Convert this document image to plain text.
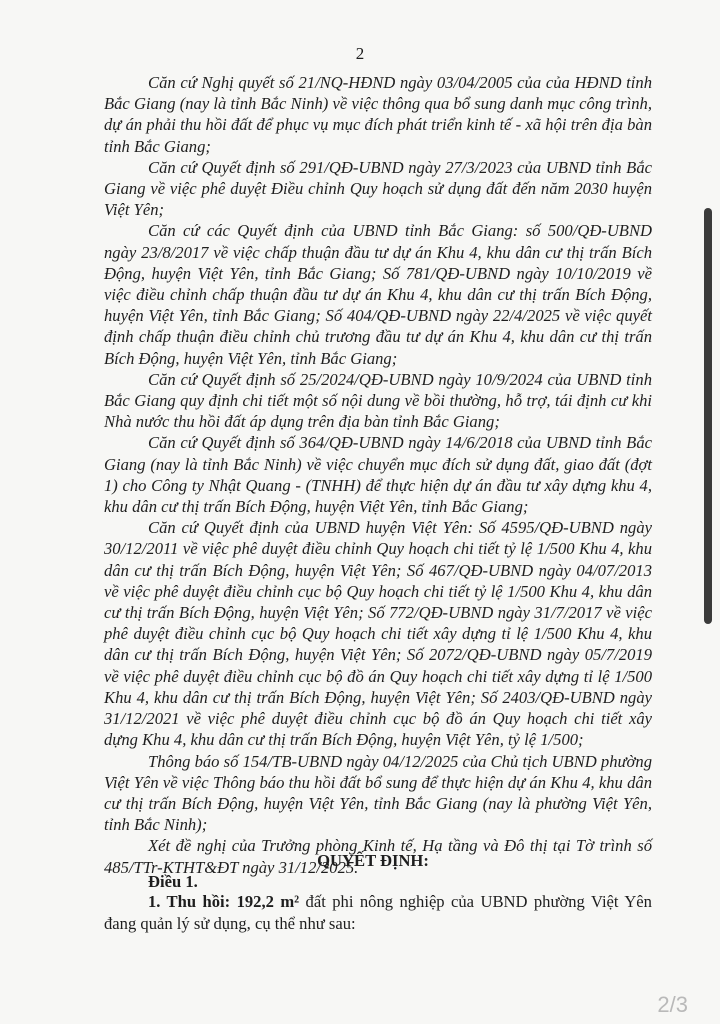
2

Căn cứ Nghị quyết số 21/NQ-HĐND ngày 03/04/2005 của của HĐND tỉnh Bắc Giang (nay là tỉnh Bắc Ninh) về việc thông qua bổ sung danh mục công trình, dự án phải thu hồi đất để phục vụ mục đích phát triển kinh tế - xã hội trên địa bàn tỉnh Bắc Giang;

Căn cứ Quyết định số 291/QĐ-UBND ngày 27/3/2023 của UBND tỉnh Bắc Giang về việc phê duyệt Điều chỉnh Quy hoạch sử dụng đất đến năm 2030 huyện Việt Yên;

Căn cứ các Quyết định của UBND tỉnh Bắc Giang: số 500/QĐ-UBND ngày 23/8/2017 về việc chấp thuận đầu tư dự án Khu 4, khu dân cư thị trấn Bích Động, huyện Việt Yên, tỉnh Bắc Giang; Số 781/QĐ-UBND ngày 10/10/2019 về việc điều chỉnh chấp thuận đầu tư dự án Khu 4, khu dân cư thị trấn Bích Động, huyện Việt Yên, tỉnh Bắc Giang; Số 404/QĐ-UBND ngày 22/4/2025 về việc quyết định chấp thuận điều chỉnh chủ trương đầu tư dự án Khu 4, khu dân cư thị trấn Bích Động, huyện Việt Yên, tỉnh Bắc Giang;

Căn cứ Quyết định số 25/2024/QĐ-UBND ngày 10/9/2024 của UBND tỉnh Bắc Giang quy định chi tiết một số nội dung về bồi thường, hỗ trợ, tái định cư khi Nhà nước thu hồi đất áp dụng trên địa bàn tỉnh Bắc Giang;

Căn cứ Quyết định số 364/QĐ-UBND ngày 14/6/2018 của UBND tỉnh Bắc Giang (nay là tỉnh Bắc Ninh) về việc chuyển mục đích sử dụng đất, giao đất (đợt 1) cho Công ty Nhật Quang - (TNHH) để thực hiện dự án đầu tư xây dựng khu 4, khu dân cư thị trấn Bích Động, huyện Việt Yên, tỉnh Bắc Giang;

Căn cứ Quyết định của UBND huyện Việt Yên: Số 4595/QĐ-UBND ngày 30/12/2011 về việc phê duyệt điều chỉnh Quy hoạch chi tiết tỷ lệ 1/500 Khu 4, khu dân cư thị trấn Bích Động, huyện Việt Yên; Số 467/QĐ-UBND ngày 04/07/2013 về việc phê duyệt điều chỉnh cục bộ Quy hoạch chi tiết tỷ lệ 1/500 Khu 4, khu dân cư thị trấn Bích Động, huyện Việt Yên; Số 772/QĐ-UBND ngày 31/7/2017 về việc phê duyệt điều chỉnh cục bộ Quy hoạch chi tiết xây dựng tỉ lệ 1/500 Khu 4, khu dân cư thị trấn Bích Động, huyện Việt Yên; Số 2072/QĐ-UBND ngày 05/7/2019 về việc phê duyệt điều chỉnh cục bộ đồ án Quy hoạch chi tiết xây dựng tỉ lệ 1/500 Khu 4, khu dân cư thị trấn Bích Động, huyện Việt Yên; Số 2403/QĐ-UBND ngày 31/12/2021 về việc phê duyệt điều chỉnh cục bộ đồ án Quy hoạch chi tiết xây dựng Khu 4, khu dân cư thị trấn Bích Động, huyện Việt Yên, tỷ lệ 1/500;

Thông báo số 154/TB-UBND ngày 04/12/2025 của Chủ tịch UBND phường Việt Yên về việc Thông báo thu hồi đất bổ sung để thực hiện dự án Khu 4, khu dân cư thị trấn Bích Động, huyện Việt Yên, tỉnh Bắc Giang (nay là phường Việt Yên, tỉnh Bắc Ninh);

Xét đề nghị của Trưởng phòng Kinh tế, Hạ tầng và Đô thị tại Tờ trình số 485/TTr-KTHT&ĐT ngày 31/12/2025.

QUYẾT ĐỊNH:
Điều 1.
1. Thu hồi: 192,2 m² đất phi nông nghiệp của UBND phường Việt Yên đang quản lý sử dụng, cụ thể như sau:
2/3
